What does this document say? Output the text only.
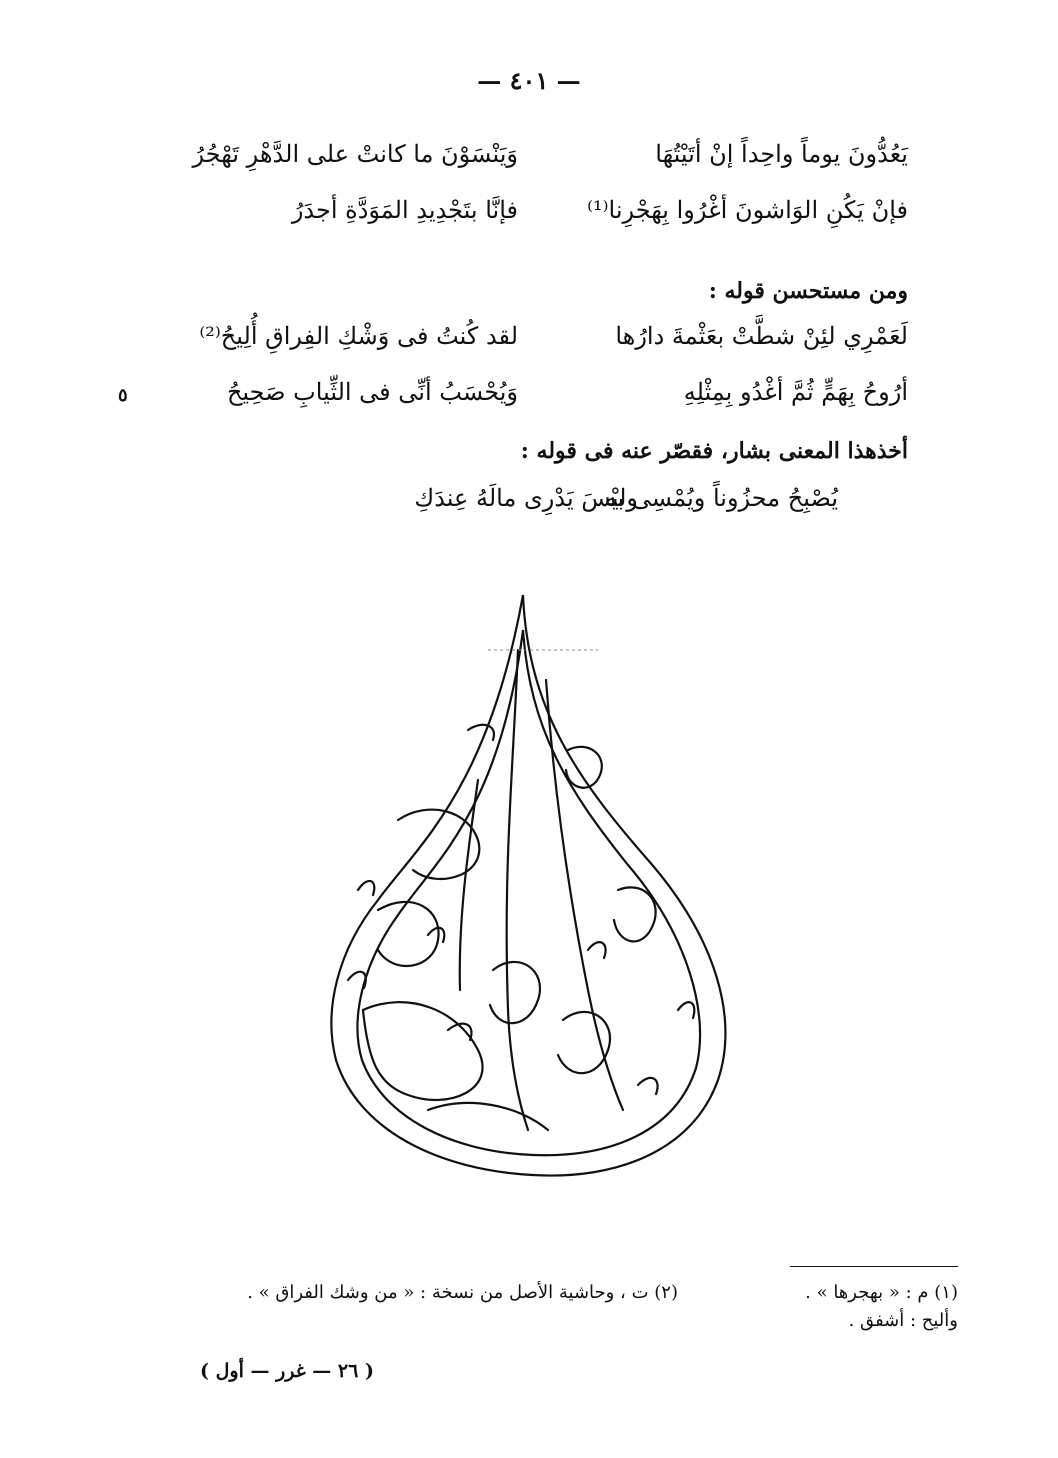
— ٤٠١ —
يَعُدُّونَ يوماً واحِداً إنْ أتَيْتُهَا
وَيَنْسَوْنَ ما كانتْ على الدَّهْرِ تَهْجُرُ
فإنْ يَكُنِ الوَاشونَ أغْرُوا بِهَجْرِنا⁽¹⁾
فإنَّا بتَجْدِيدِ المَوَدَّةِ أجدَرُ
ومن مستحسن قوله :
لَعَمْرِي لئِنْ شطَّتْ بعَثْمةَ دارُها
لقد كُنتُ فى وَشْكِ الفِراقِ أُلِيحُ⁽²⁾
أرُوحُ بِهَمٍّ ثُمَّ أغْدُو بِمِثْلِهِ
وَيُحْسَبُ أنِّى فى الثِّيابِ صَحِيحُ
٥
أخذهذا المعنى بشار، فقصّر عنه فى قوله :
يُصْبِحُ محزُوناً ويُمْسِى به
وليْسَ يَدْرِى مالَهُ عِندَكِ
(١) م : « بهجرها » .
(٢) ت ، وحاشية الأصل من نسخة : « من وشك الفراق » .
وأليح : أشفق .
( ٢٦ — غرر — أول )
